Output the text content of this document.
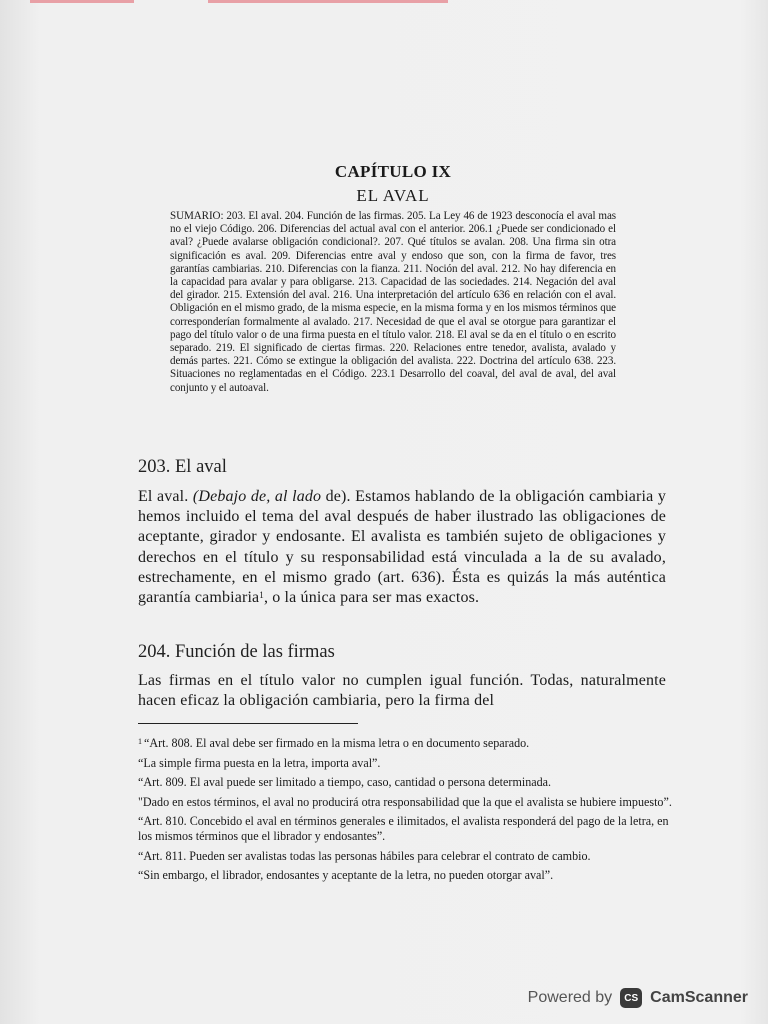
CAPÍTULO IX
EL AVAL
SUMARIO: 203. El aval. 204. Función de las firmas. 205. La Ley 46 de 1923 desconocía el aval mas no el viejo Código. 206. Diferencias del actual aval con el anterior. 206.1 ¿Puede ser condicionado el aval? ¿Puede avalarse obligación condicional?. 207. Qué títulos se avalan. 208. Una firma sin otra significación es aval. 209. Diferencias entre aval y endoso que son, con la firma de favor, tres garantías cambiarias. 210. Diferencias con la fianza. 211. Noción del aval. 212. No hay diferencia en la capacidad para avalar y para obligarse. 213. Capacidad de las sociedades. 214. Negación del aval del girador. 215. Extensión del aval. 216. Una interpretación del artículo 636 en relación con el aval. Obligación en el mismo grado, de la misma especie, en la misma forma y en los mismos términos que corresponderían formalmente al avalado. 217. Necesidad de que el aval se otorgue para garantizar el pago del título valor o de una firma puesta en el título valor. 218. El aval se da en el título o en escrito separado. 219. El significado de ciertas firmas. 220. Relaciones entre tenedor, avalista, avalado y demás partes. 221. Cómo se extingue la obligación del avalista. 222. Doctrina del artículo 638. 223. Situaciones no reglamentadas en el Código. 223.1 Desarrollo del coaval, del aval de aval, del aval conjunto y el autoaval.
203. El aval
El aval. (Debajo de, al lado de). Estamos hablando de la obligación cambiaria y hemos incluido el tema del aval después de haber ilustrado las obligaciones de aceptante, girador y endosante. El avalista es también sujeto de obligaciones y derechos en el título y su responsabilidad está vinculada a la de su avalado, estrechamente, en el mismo grado (art. 636). Ésta es quizás la más auténtica garantía cambiaria$^1$, o la única para ser mas exactos.
204. Función de las firmas
Las firmas en el título valor no cumplen igual función. Todas, naturalmente hacen eficaz la obligación cambiaria, pero la firma del

$^1$ “Art. 808. El aval debe ser firmado en la misma letra o en documento separado.

“La simple firma puesta en la letra, importa aval”.

“Art. 809. El aval puede ser limitado a tiempo, caso, cantidad o persona determinada.

"Dado en estos términos, el aval no producirá otra responsabilidad que la que el avalista se hubiere impuesto”.

“Art. 810. Concebido el aval en términos generales e ilimitados, el avalista responderá del pago de la letra, en los mismos términos que el librador y endosantes”.

“Art. 811. Pueden ser avalistas todas las personas hábiles para celebrar el contrato de cambio.

“Sin embargo, el librador, endosantes y aceptante de la letra, no pueden otorgar aval”.

Powered by	CS CamScanner
